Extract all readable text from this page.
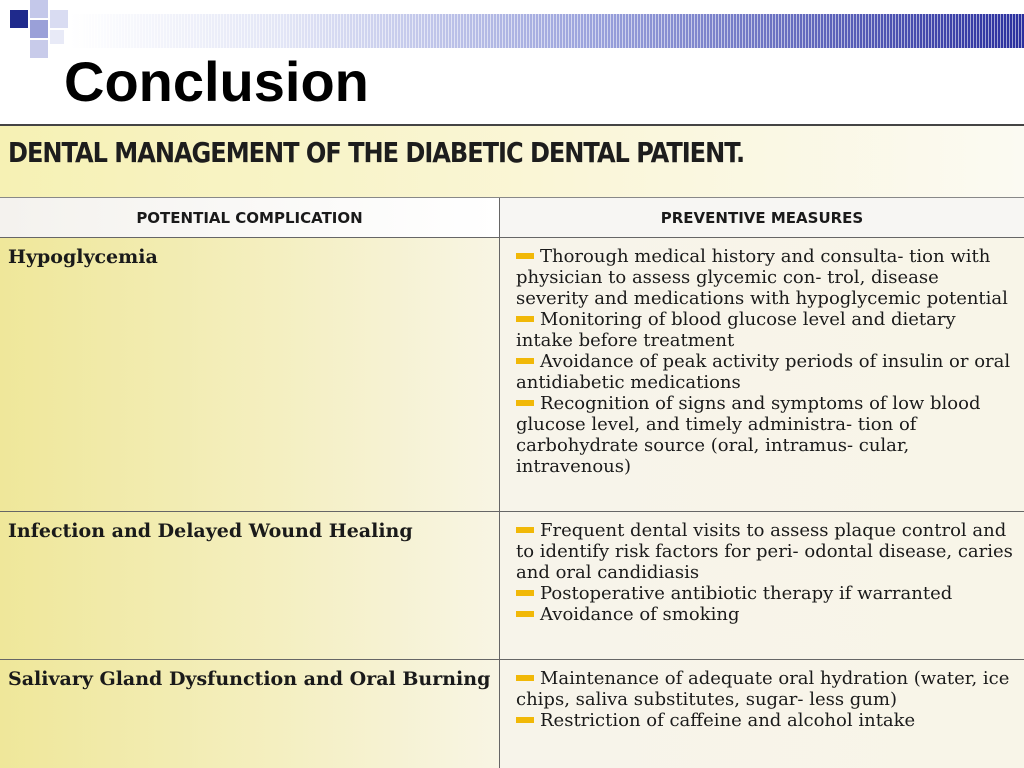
Conclusion
DENTAL MANAGEMENT OF THE DIABETIC DENTAL PATIENT.
POTENTIAL COMPLICATION	PREVENTIVE MEASURES
Hypoglycemia	Thorough medical history and consulta- tion with physician to assess glycemic con- trol, disease severity and medications with hypoglycemic potential
Monitoring of blood glucose level and dietary intake before treatment
Avoidance of peak activity periods of insulin or oral antidiabetic medications
Recognition of signs and symptoms of low blood glucose level, and timely administra- tion of carbohydrate source (oral, intramus- cular, intravenous)
Infection and Delayed Wound Healing	Frequent dental visits to assess plaque control and to identify risk factors for peri- odontal disease, caries and oral candidiasis
Postoperative antibiotic therapy if warranted
Avoidance of smoking
Salivary Gland Dysfunction and Oral Burning	Maintenance of adequate oral hydration (water, ice chips, saliva substitutes, sugar- less gum)
Restriction of caffeine and alcohol intake
